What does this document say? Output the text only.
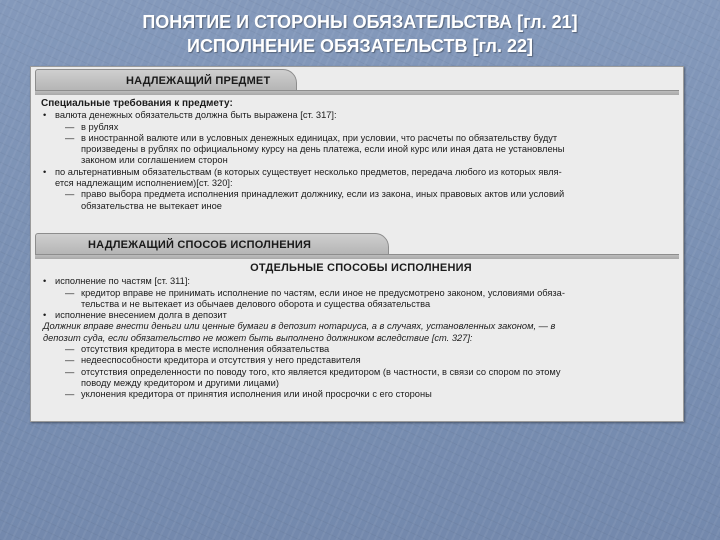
ПОНЯТИЕ И СТОРОНЫ ОБЯЗАТЕЛЬСТВА [гл. 21]
ИСПОЛНЕНИЕ ОБЯЗАТЕЛЬСТВ [гл. 22]
НАДЛЕЖАЩИЙ ПРЕДМЕТ
Специальные требования к предмету:
• валюта денежных обязательств должна быть выражена [ст. 317]:
— в рублях
— в иностранной валюте или в условных денежных единицах, при условии, что расчеты по обязательству будут
произведены в рублях по официальному курсу на день платежа, если иной курс или иная дата не установлены
законом или соглашением сторон
• по альтернативным обязательствам (в которых существует несколько предметов, передача любого из которых явля-
ется надлежащим исполнением)[ст. 320]:
— право выбора предмета исполнения принадлежит должнику, если из закона, иных правовых актов или условий
обязательства не вытекает иное
НАДЛЕЖАЩИЙ СПОСОБ ИСПОЛНЕНИЯ
ОТДЕЛЬНЫЕ СПОСОБЫ ИСПОЛНЕНИЯ
• исполнение по частям [ст. 311]:
— кредитор вправе не принимать исполнение по частям, если иное не предусмотрено законом, условиями обяза-
тельства и не вытекает из обычаев делового оборота и существа обязательства
• исполнение внесением долга в депозит
Должник вправе внести деньги или ценные бумаги в депозит нотариуса, а в случаях, установленных законом, — в
депозит суда, если обязательство не может быть выполнено должником вследствие [ст. 327]:
— отсутствия кредитора в месте исполнения обязательства
— недееспособности кредитора и отсутствия у него представителя
— отсутствия определенности по поводу того, кто является кредитором (в частности, в связи со спором по этому
поводу между кредитором и другими лицами)
— уклонения кредитора от принятия исполнения или иной просрочки с его стороны
